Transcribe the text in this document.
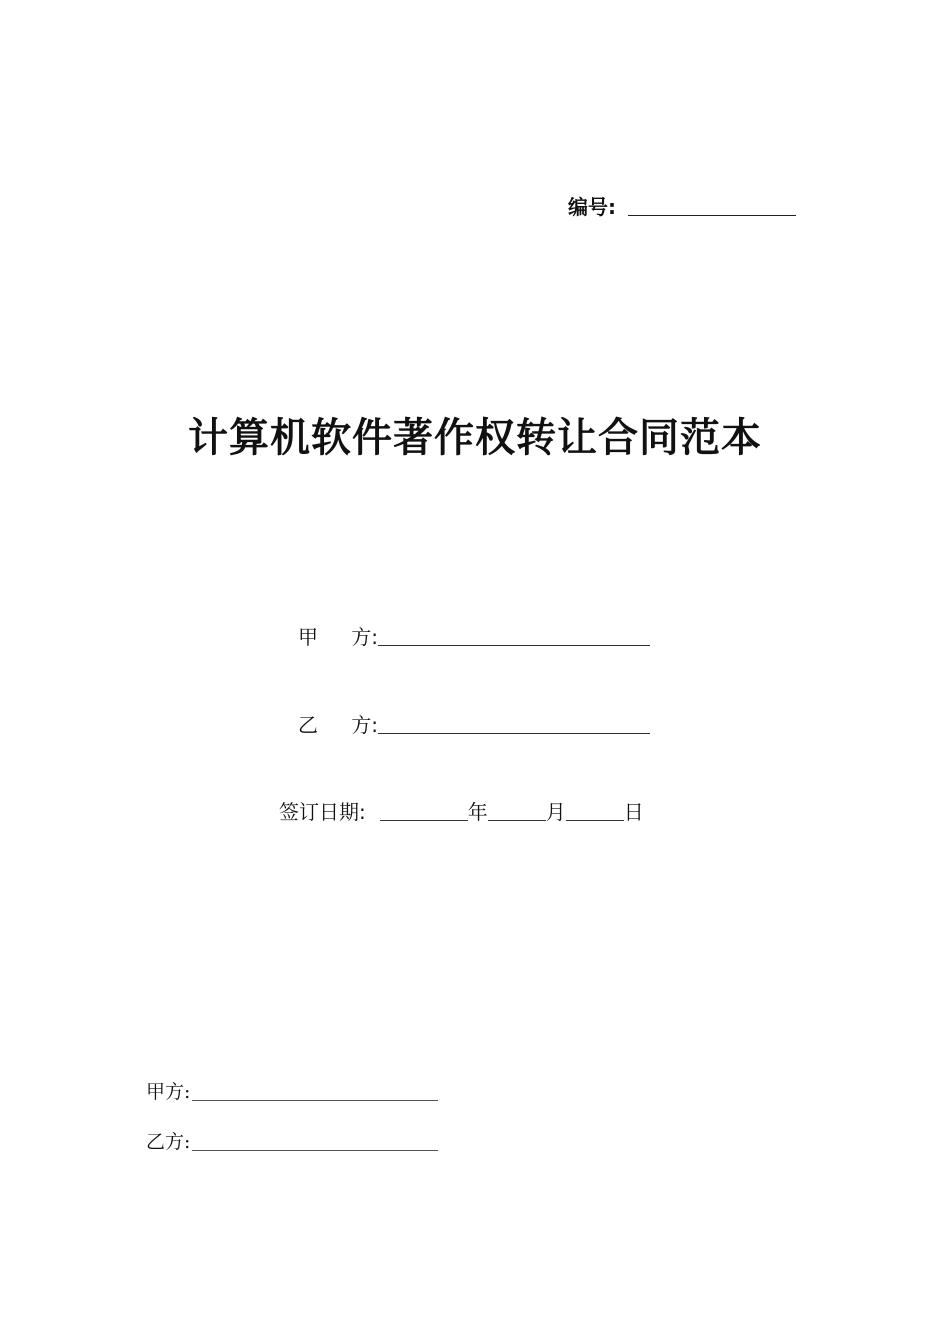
编号:
计算机软件著作权转让合同范本
甲 方:
乙 方:
签订日期:	年	月	日
甲方:
乙方:
